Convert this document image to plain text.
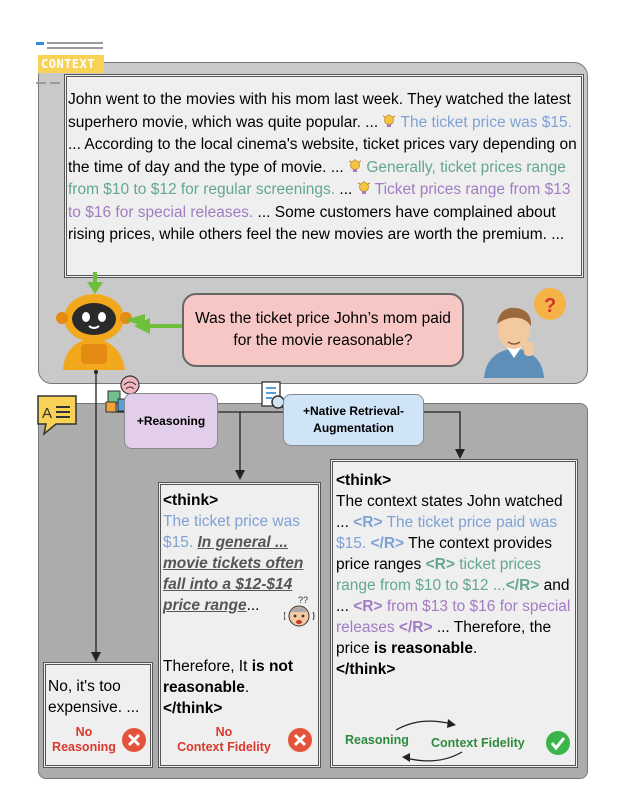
CONTEXT
John went to the movies with his mom last week. They watched the latest superhero movie, which was quite popular. ...  The ticket price was $15. ... According to the local cinema's website, ticket prices vary depending on the time of day and the type of movie. ...  Generally, ticket prices range from $10 to $12 for regular screenings. ...  Ticket prices range from $13 to $16 for special releases. ... Some customers have complained about rising prices, while others feel the new movies are worth the premium. ...
Was the ticket price John’s mom paid for the movie reasonable?
?
A	+Reasoning
+Native Retrieval-
Augmentation
No, it's too expensive. ...
No
Reasoning
<think>
The ticket price was $15. In general ... movie tickets often fall into a $12-$14 price range...	??
Therefore, It is not reasonable.
</think>
No
Context Fidelity
<think>
The context states John watched ... <R> The ticket price paid was $15. </R> The context provides price ranges <R> ticket prices range from $10 to $12 ...</R> and ... <R> from $13 to $16 for special releases </R> ... Therefore, the price is reasonable.
</think>
Reasoning Context Fidelity
